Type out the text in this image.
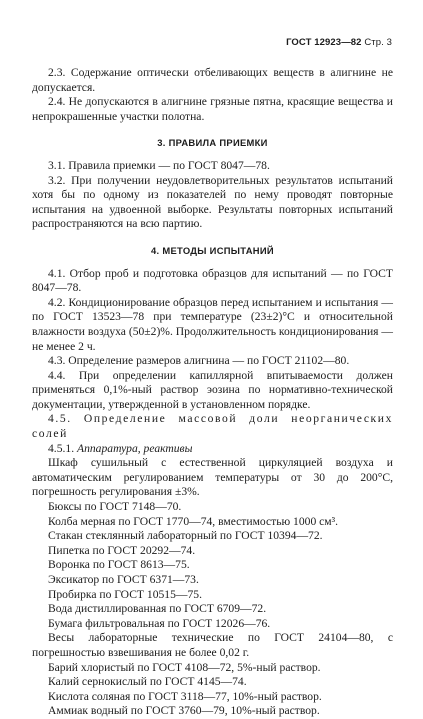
ГОСТ 12923—82 Стр. 3

2.3. Содержание оптически отбеливающих веществ в алигнине не допускается.

2.4. Не допускаются в алигнине грязные пятна, красящие вещества и непрокрашенные участки полотна.

3. ПРАВИЛА ПРИЕМКИ

3.1. Правила приемки — по ГОСТ 8047—78.

3.2. При получении неудовлетворительных результатов испытаний хотя бы по одному из показателей по нему проводят повторные испытания на удвоенной выборке. Результаты повторных испытаний распространяются на всю партию.

4. МЕТОДЫ ИСПЫТАНИЙ

4.1. Отбор проб и подготовка образцов для испытаний — по ГОСТ 8047—78.

4.2. Кондиционирование образцов перед испытанием и испытания — по ГОСТ 13523—78 при температуре (23±2)°С и относительной влажности воздуха (50±2)%. Продолжительность кондиционирования — не менее 2 ч.

4.3. Определение размеров алигнина — по ГОСТ 21102—80.

4.4. При определении капиллярной впитываемости должен применяться 0,1%-ный раствор эозина по нормативно-технической документации, утвержденной в установленном порядке.

4.5. Определение массовой доли неорганических солей

4.5.1. Аппаратура, реактивы

Шкаф сушильный с естественной циркуляцией воздуха и автоматическим регулированием температуры от 30 до 200°С, погрешность регулирования ±3%.

Бюксы по ГОСТ 7148—70.

Колба мерная по ГОСТ 1770—74, вместимостью 1000 см³.

Стакан стеклянный лабораторный по ГОСТ 10394—72.

Пипетка по ГОСТ 20292—74.

Воронка по ГОСТ 8613—75.

Эксикатор по ГОСТ 6371—73.

Пробирка по ГОСТ 10515—75.

Вода дистиллированная по ГОСТ 6709—72.

Бумага фильтровальная по ГОСТ 12026—76.

Весы лабораторные технические по ГОСТ 24104—80, с погрешностью взвешивания не более 0,02 г.

Барий хлористый по ГОСТ 4108—72, 5%-ный раствор.

Калий сернокислый по ГОСТ 4145—74.

Кислота соляная по ГОСТ 3118—77, 10%-ный раствор.

Аммиак водный по ГОСТ 3760—79, 10%-ный раствор.
